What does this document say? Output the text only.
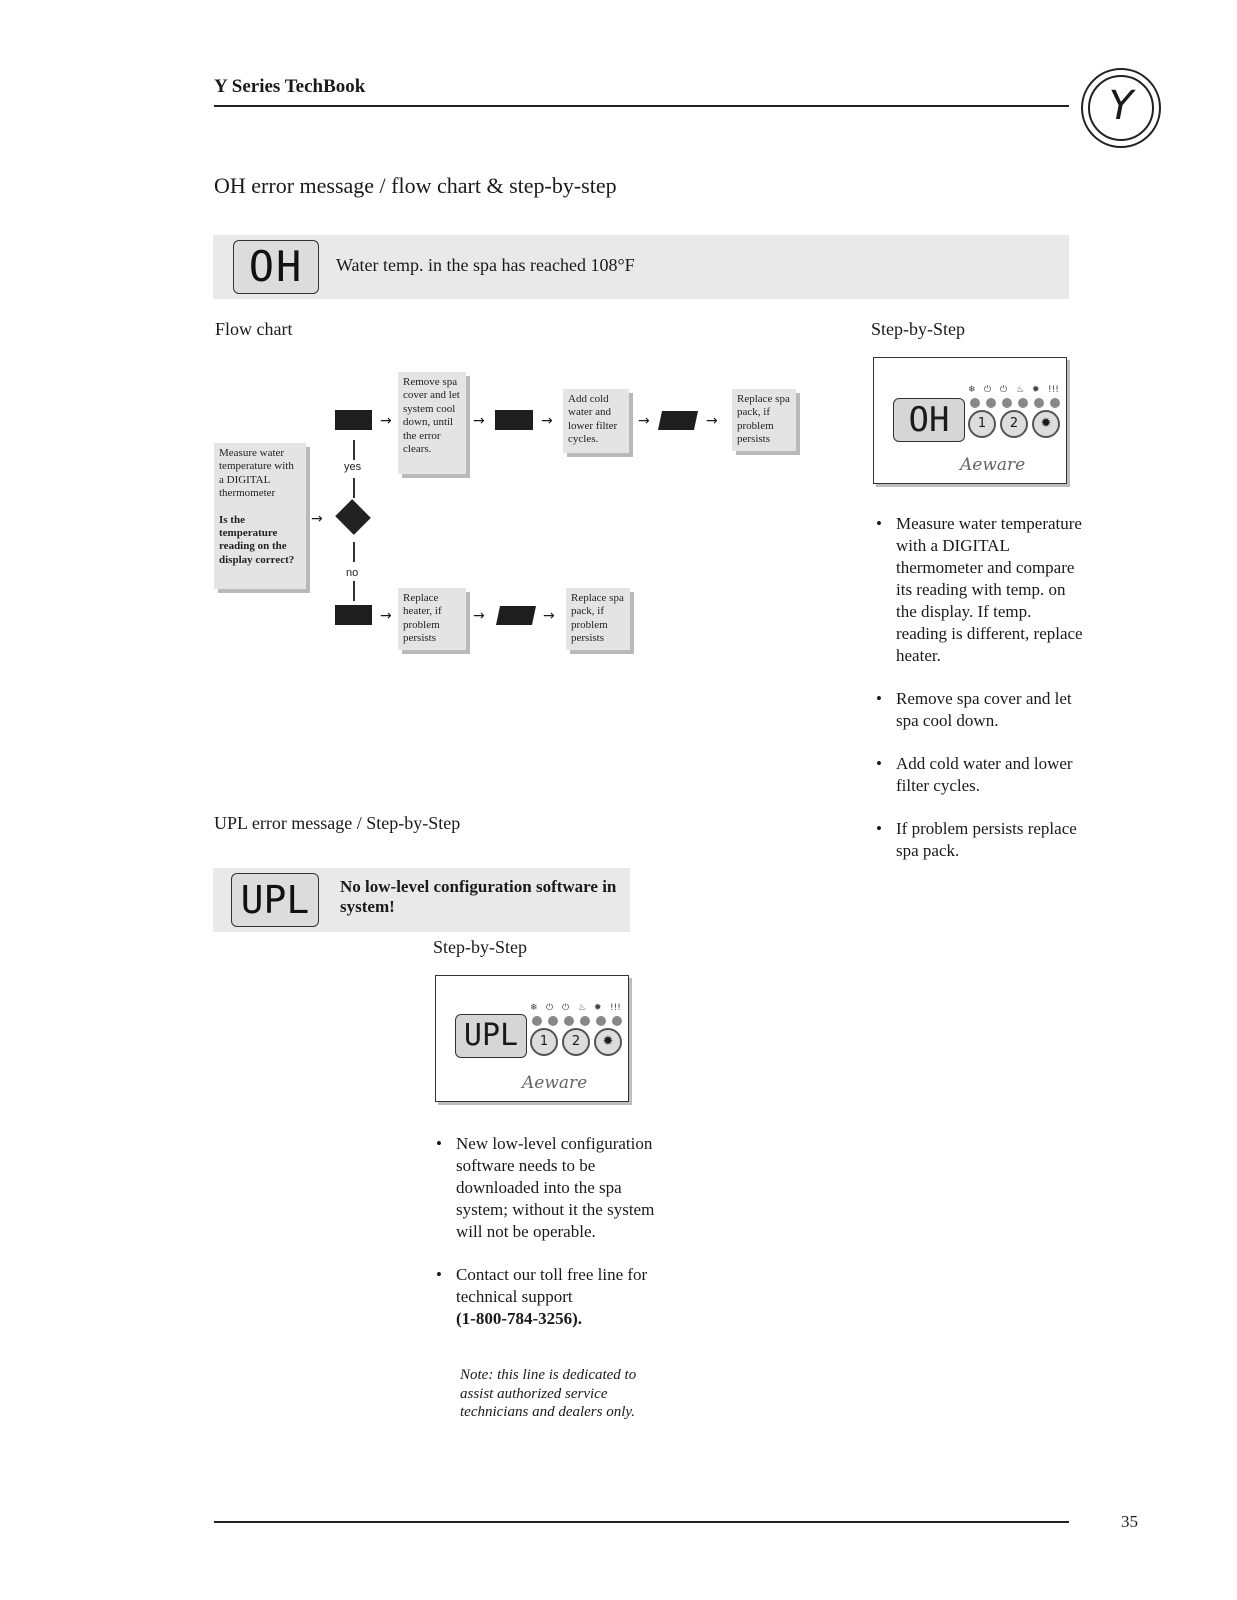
Y Series TechBook	Y
OH error message / flow chart & step-by-step
OH	Water temp. in the spa has reached 108°F
Flow chart
Measure water temperature with a DIGITAL thermometer
Is the temperature reading on the display correct?
→
yes
no
→
Remove spa cover and let system cool down, until the error clears.
→	→
Add cold water and lower filter cycles.
→	→
Replace spa pack, if problem persists
→
Replace heater, if problem persists
→	→
Replace spa pack, if problem persists
Step-by-Step
OH
❄ ⏻ ⏻ ♨ ✹ !!!
1	2	✹
Aeware
• Measure water temperature with a DIGITAL thermometer and compare its reading with temp. on the display. If temp. reading is different, replace heater.
• Remove spa cover and let spa cool down.
• Add cold water and lower filter cycles.
• If problem persists replace spa pack.
UPL error message / Step-by-Step
UPL	No low-level configuration software in system!
Step-by-Step
UPL
❄ ⏻ ⏻ ♨ ✹ !!!
1	2	✹
Aeware
• New low-level configuration software needs to be downloaded into the spa system; without it the system will not be operable.
• Contact our toll free line for technical support
(1-800-784-3256).
Note: this line is dedicated to assist authorized service technicians and dealers only.
35
